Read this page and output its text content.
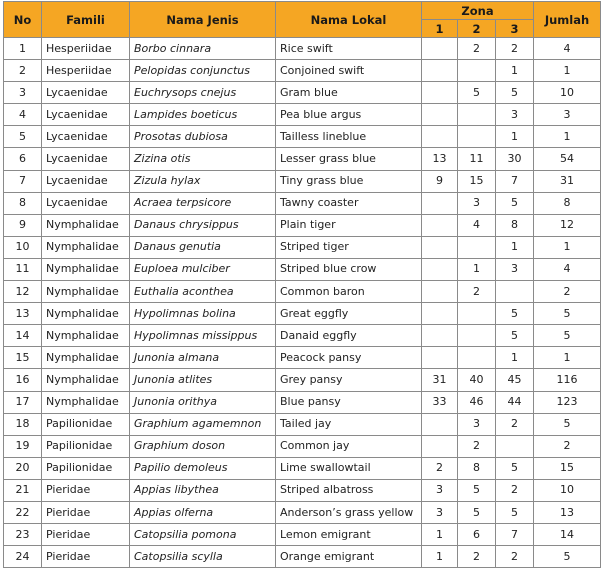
No	Famili	Nama Jenis	Nama Lokal	Zona			Jumlah
				1	2	3	
1	Hesperiidae	Borbo cinnara	Rice swift		2	2	4
2	Hesperiidae	Pelopidas conjunctus	Conjoined swift			1	1
3	Lycaenidae	Euchrysops cnejus	Gram blue		5	5	10
4	Lycaenidae	Lampides boeticus	Pea blue argus			3	3
5	Lycaenidae	Prosotas dubiosa	Tailless lineblue			1	1
6	Lycaenidae	Zizina otis	Lesser grass blue	13	11	30	54
7	Lycaenidae	Zizula hylax	Tiny grass blue	9	15	7	31
8	Lycaenidae	Acraea terpsicore	Tawny coaster		3	5	8
9	Nymphalidae	Danaus chrysippus	Plain tiger		4	8	12
10	Nymphalidae	Danaus genutia	Striped tiger			1	1
11	Nymphalidae	Euploea mulciber	Striped blue crow		1	3	4
12	Nymphalidae	Euthalia aconthea	Common baron		2		2
13	Nymphalidae	Hypolimnas bolina	Great eggfly			5	5
14	Nymphalidae	Hypolimnas missippus	Danaid eggfly			5	5
15	Nymphalidae	Junonia almana	Peacock pansy			1	1
16	Nymphalidae	Junonia atlites	Grey pansy	31	40	45	116
17	Nymphalidae	Junonia orithya	Blue pansy	33	46	44	123
18	Papilionidae	Graphium agamemnon	Tailed jay		3	2	5
19	Papilionidae	Graphium doson	Common jay		2		2
20	Papilionidae	Papilio demoleus	Lime swallowtail	2	8	5	15
21	Pieridae	Appias libythea	Striped albatross	3	5	2	10
22	Pieridae	Appias olferna	Anderson’s grass yellow	3	5	5	13
23	Pieridae	Catopsilia pomona	Lemon emigrant	1	6	7	14
24	Pieridae	Catopsilia scylla	Orange emigrant	1	2	2	5
